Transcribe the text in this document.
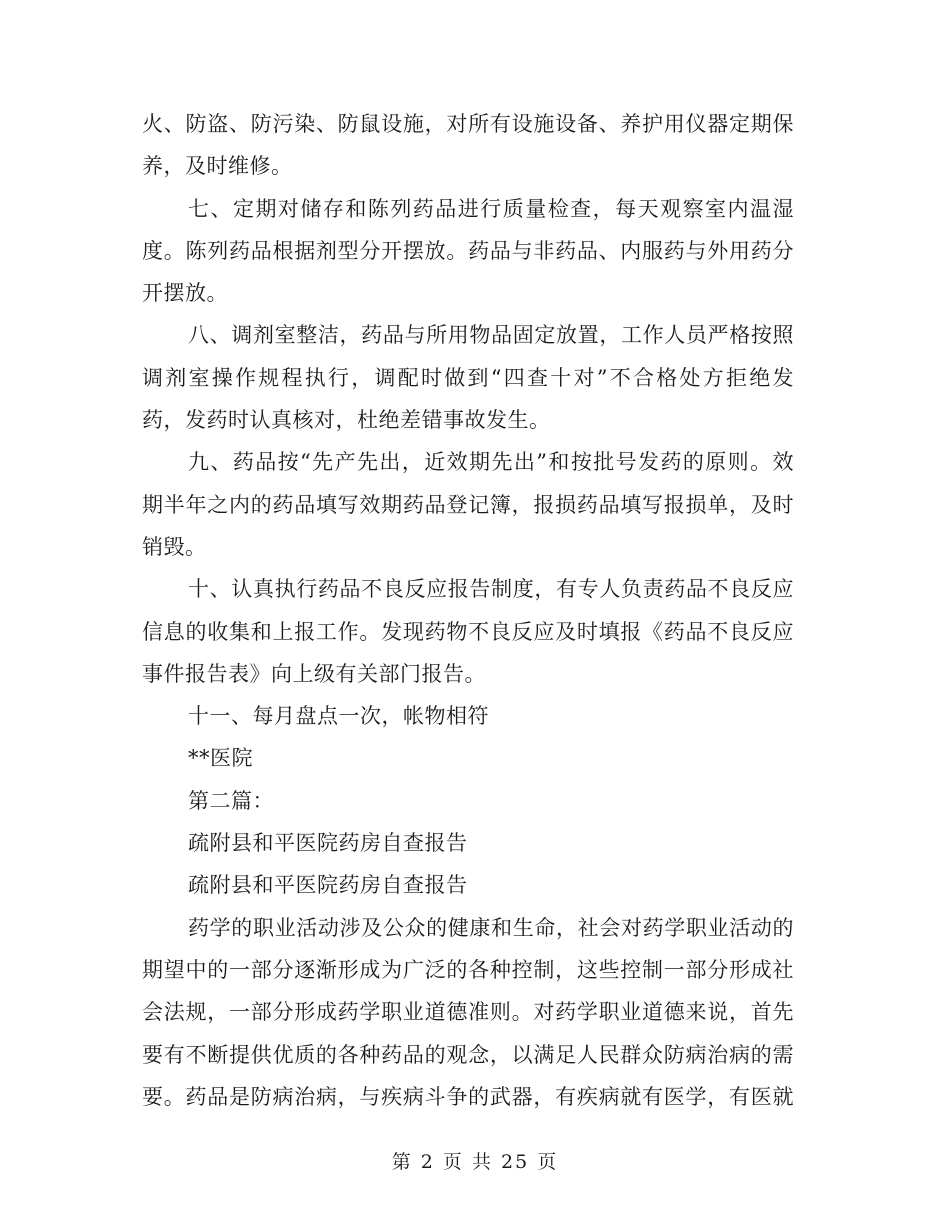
火、防盗、防污染、防鼠设施，对所有设施设备、养护用仪器定期保
养，及时维修。
七、定期对储存和陈列药品进行质量检查，每天观察室内温湿
度。陈列药品根据剂型分开摆放。药品与非药品、内服药与外用药分
开摆放。
八、调剂室整洁，药品与所用物品固定放置，工作人员严格按照
调剂室操作规程执行，调配时做到“四查十对”不合格处方拒绝发
药，发药时认真核对，杜绝差错事故发生。
九、药品按“先产先出，近效期先出”和按批号发药的原则。效
期半年之内的药品填写效期药品登记簿，报损药品填写报损单，及时
销毁。
十、认真执行药品不良反应报告制度，有专人负责药品不良反应
信息的收集和上报工作。发现药物不良反应及时填报《药品不良反应
事件报告表》向上级有关部门报告。
十一、每月盘点一次，帐物相符
**医院
第二篇：
疏附县和平医院药房自查报告
疏附县和平医院药房自查报告
药学的职业活动涉及公众的健康和生命，社会对药学职业活动的
期望中的一部分逐渐形成为广泛的各种控制，这些控制一部分形成社
会法规，一部分形成药学职业道德准则。对药学职业道德来说，首先
要有不断提供优质的各种药品的观念，以满足人民群众防病治病的需
要。药品是防病治病，与疾病斗争的武器，有疾病就有医学，有医就
第 2 页 共 25 页
